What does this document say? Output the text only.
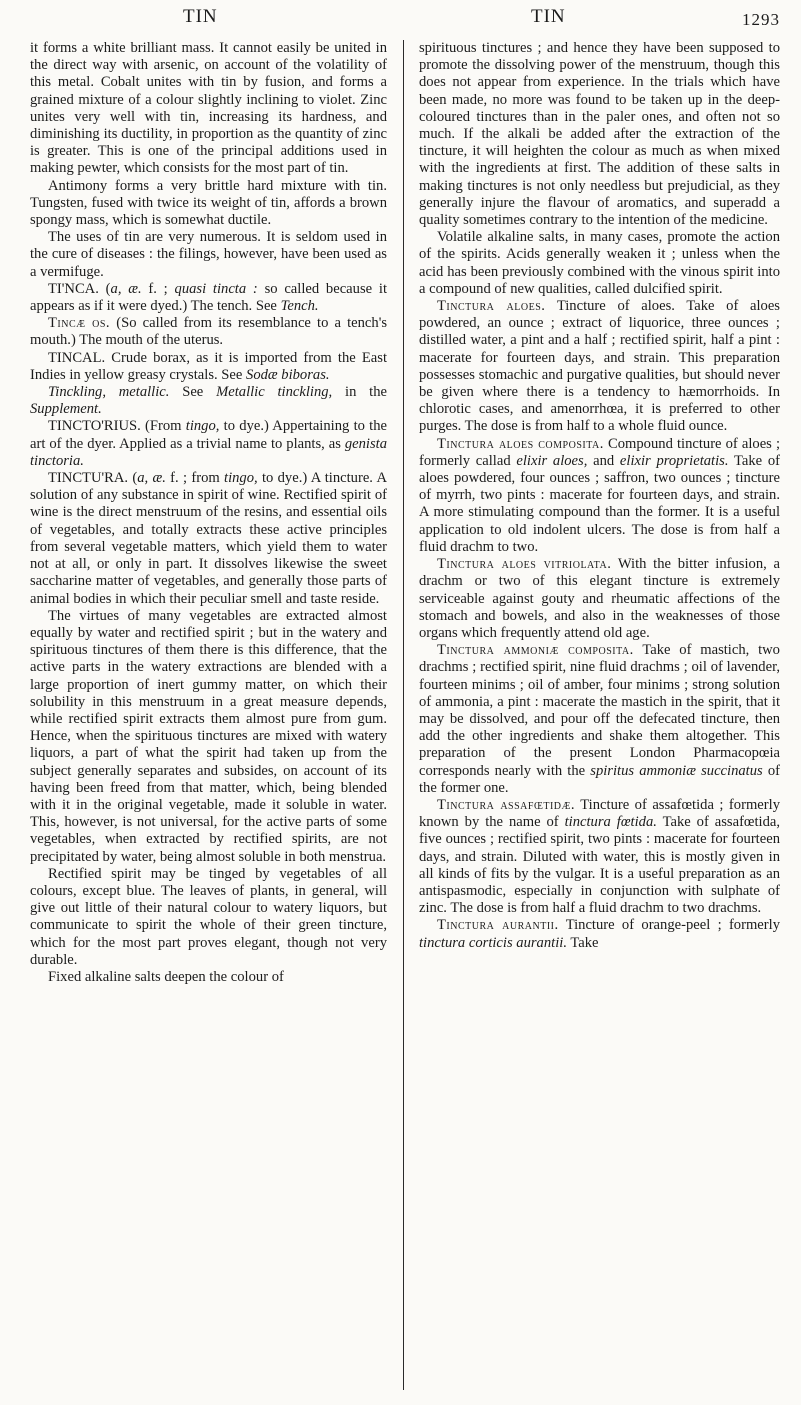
TIN	TIN	1293

it forms a white brilliant mass. It cannot easily be united in the direct way with arsenic, on account of the volatility of this metal. Cobalt unites with tin by fusion, and forms a grained mixture of a colour slightly inclining to violet. Zinc unites very well with tin, increasing its hardness, and diminishing its ductility, in proportion as the quantity of zinc is greater. This is one of the principal additions used in making pewter, which consists for the most part of tin.

Antimony forms a very brittle hard mixture with tin. Tungsten, fused with twice its weight of tin, affords a brown spongy mass, which is somewhat ductile.

The uses of tin are very numerous. It is seldom used in the cure of diseases : the filings, however, have been used as a vermifuge.

TI'NCA. (a, æ. f. ; quasi tincta : so called because it appears as if it were dyed.) The tench. See Tench.

Tincæ os. (So called from its resemblance to a tench's mouth.) The mouth of the uterus.

TINCAL. Crude borax, as it is imported from the East Indies in yellow greasy crystals. See Sodæ biboras.

Tinckling, metallic. See Metallic tinckling, in the Supplement.

TINCTO'RIUS. (From tingo, to dye.) Appertaining to the art of the dyer. Applied as a trivial name to plants, as genista tinctoria.

TINCTU'RA. (a, æ. f. ; from tingo, to dye.) A tincture. A solution of any substance in spirit of wine. Rectified spirit of wine is the direct menstruum of the resins, and essential oils of vegetables, and totally extracts these active principles from several vegetable matters, which yield them to water not at all, or only in part. It dissolves likewise the sweet saccharine matter of vegetables, and generally those parts of animal bodies in which their peculiar smell and taste reside.

The virtues of many vegetables are extracted almost equally by water and rectified spirit ; but in the watery and spirituous tinctures of them there is this difference, that the active parts in the watery extractions are blended with a large proportion of inert gummy matter, on which their solubility in this menstruum in a great measure depends, while rectified spirit extracts them almost pure from gum. Hence, when the spirituous tinctures are mixed with watery liquors, a part of what the spirit had taken up from the subject generally separates and subsides, on account of its having been freed from that matter, which, being blended with it in the original vegetable, made it soluble in water. This, however, is not universal, for the active parts of some vegetables, when extracted by rectified spirits, are not precipitated by water, being almost soluble in both menstrua.

Rectified spirit may be tinged by vegetables of all colours, except blue. The leaves of plants, in general, will give out little of their natural colour to watery liquors, but communicate to spirit the whole of their green tincture, which for the most part proves elegant, though not very durable.

Fixed alkaline salts deepen the colour of

spirituous tinctures ; and hence they have been supposed to promote the dissolving power of the menstruum, though this does not appear from experience. In the trials which have been made, no more was found to be taken up in the deep-coloured tinctures than in the paler ones, and often not so much. If the alkali be added after the extraction of the tincture, it will heighten the colour as much as when mixed with the ingredients at first. The addition of these salts in making tinctures is not only needless but prejudicial, as they generally injure the flavour of aromatics, and superadd a quality sometimes contrary to the intention of the medicine.

Volatile alkaline salts, in many cases, promote the action of the spirits. Acids generally weaken it ; unless when the acid has been previously combined with the vinous spirit into a compound of new qualities, called dulcified spirit.

Tinctura aloes. Tincture of aloes. Take of aloes powdered, an ounce ; extract of liquorice, three ounces ; distilled water, a pint and a half ; rectified spirit, half a pint : macerate for fourteen days, and strain. This preparation possesses stomachic and purgative qualities, but should never be given where there is a tendency to hæmorrhoids. In chlorotic cases, and amenorrhœa, it is preferred to other purges. The dose is from half to a whole fluid ounce.

Tinctura aloes composita. Compound tincture of aloes ; formerly callad elixir aloes, and elixir proprietatis. Take of aloes powdered, four ounces ; saffron, two ounces ; tincture of myrrh, two pints : macerate for fourteen days, and strain. A more stimulating compound than the former. It is a useful application to old indolent ulcers. The dose is from half a fluid drachm to two.

Tinctura aloes vitriolata. With the bitter infusion, a drachm or two of this elegant tincture is extremely serviceable against gouty and rheumatic affections of the stomach and bowels, and also in the weaknesses of those organs which frequently attend old age.

Tinctura ammoniæ composita. Take of mastich, two drachms ; rectified spirit, nine fluid drachms ; oil of lavender, fourteen minims ; oil of amber, four minims ; strong solution of ammonia, a pint : macerate the mastich in the spirit, that it may be dissolved, and pour off the defecated tincture, then add the other ingredients and shake them altogether. This preparation of the present London Pharmacopœia corresponds nearly with the spiritus ammoniæ succinatus of the former one.

Tinctura assafœtidæ. Tincture of assafœtida ; formerly known by the name of tinctura fœtida. Take of assafœtida, five ounces ; rectified spirit, two pints : macerate for fourteen days, and strain. Diluted with water, this is mostly given in all kinds of fits by the vulgar. It is a useful preparation as an antispasmodic, especially in conjunction with sulphate of zinc. The dose is from half a fluid drachm to two drachms.

Tinctura aurantii. Tincture of orange-peel ; formerly tinctura corticis aurantii. Take
